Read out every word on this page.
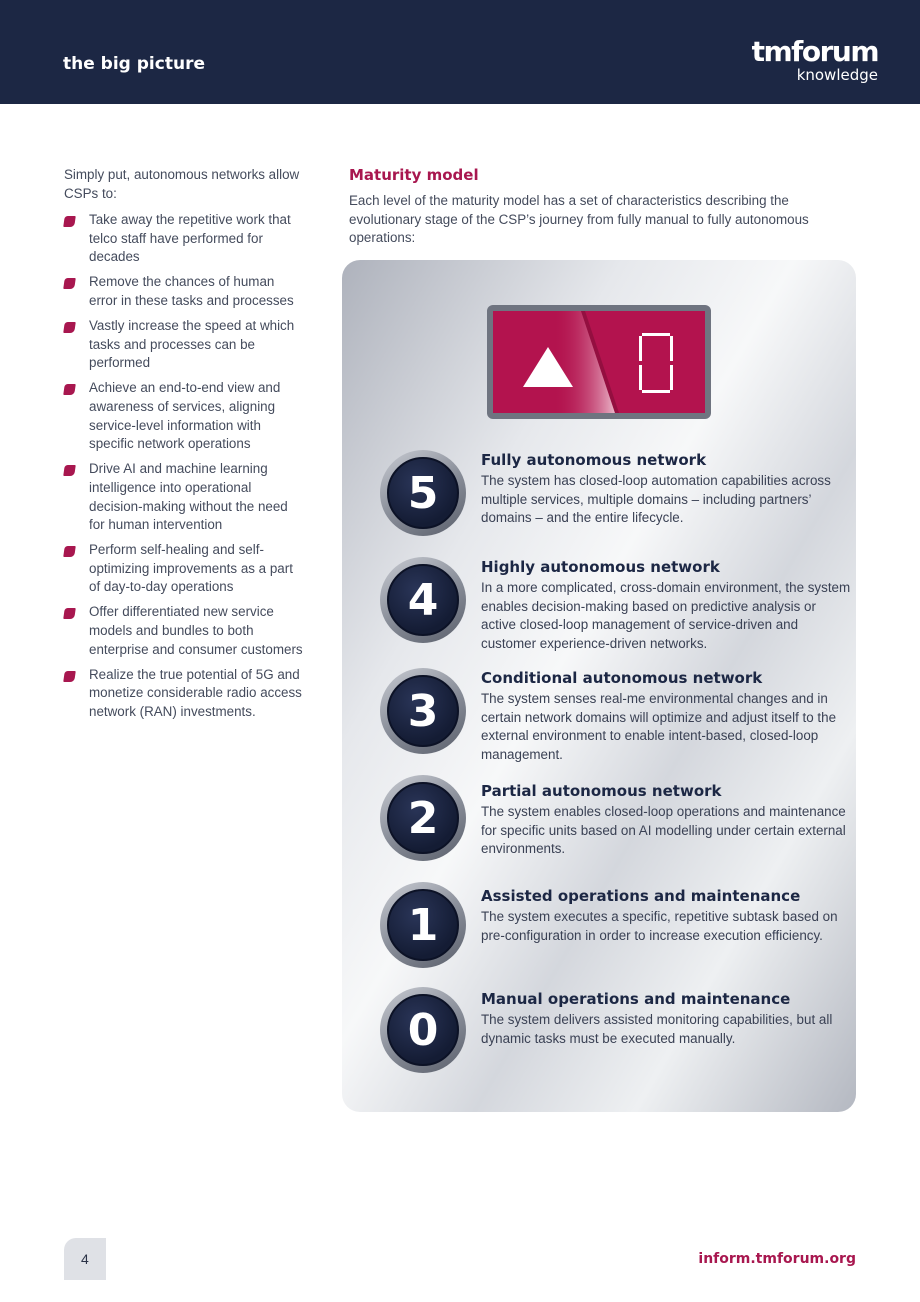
the big picture	tmforum
knowledge

Simply put, autonomous networks allow CSPs to:

Take away the repetitive work that telco staff have performed for decades
Remove the chances of human error in these tasks and processes
Vastly increase the speed at which tasks and processes can be performed
Achieve an end-to-end view and awareness of services, aligning service-level information with specific network operations
Drive AI and machine learning intelligence into operational decision-making without the need for human intervention
Perform self-healing and self-optimizing improvements as a part of day-to-day operations
Offer differentiated new service models and bundles to both enterprise and consumer customers
Realize the true potential of 5G and monetize considerable radio access network (RAN) investments.
Maturity model

Each level of the maturity model has a set of characteristics describing the evolutionary stage of the CSP’s journey from fully manual to fully autonomous operations:

5
Fully autonomous network
The system has closed-loop automation capabilities across multiple services, multiple domains – including partners’ domains – and the entire lifecycle.
4
Highly autonomous network
In a more complicated, cross-domain environment, the system enables decision-making based on predictive analysis or active closed-loop management of service-driven and customer experience-driven networks.
3
Conditional autonomous network
The system senses real-me environmental changes and in certain network domains will optimize and adjust itself to the external environment to enable intent-based, closed-loop management.
2
Partial autonomous network
The system enables closed-loop operations and maintenance for specific units based on AI modelling under certain external environments.
1
Assisted operations and maintenance
The system executes a specific, repetitive subtask based on pre-configuration in order to increase execution efficiency.
0
Manual operations and maintenance
The system delivers assisted monitoring capabilities, but all dynamic tasks must be executed manually.
4	inform.tmforum.org
